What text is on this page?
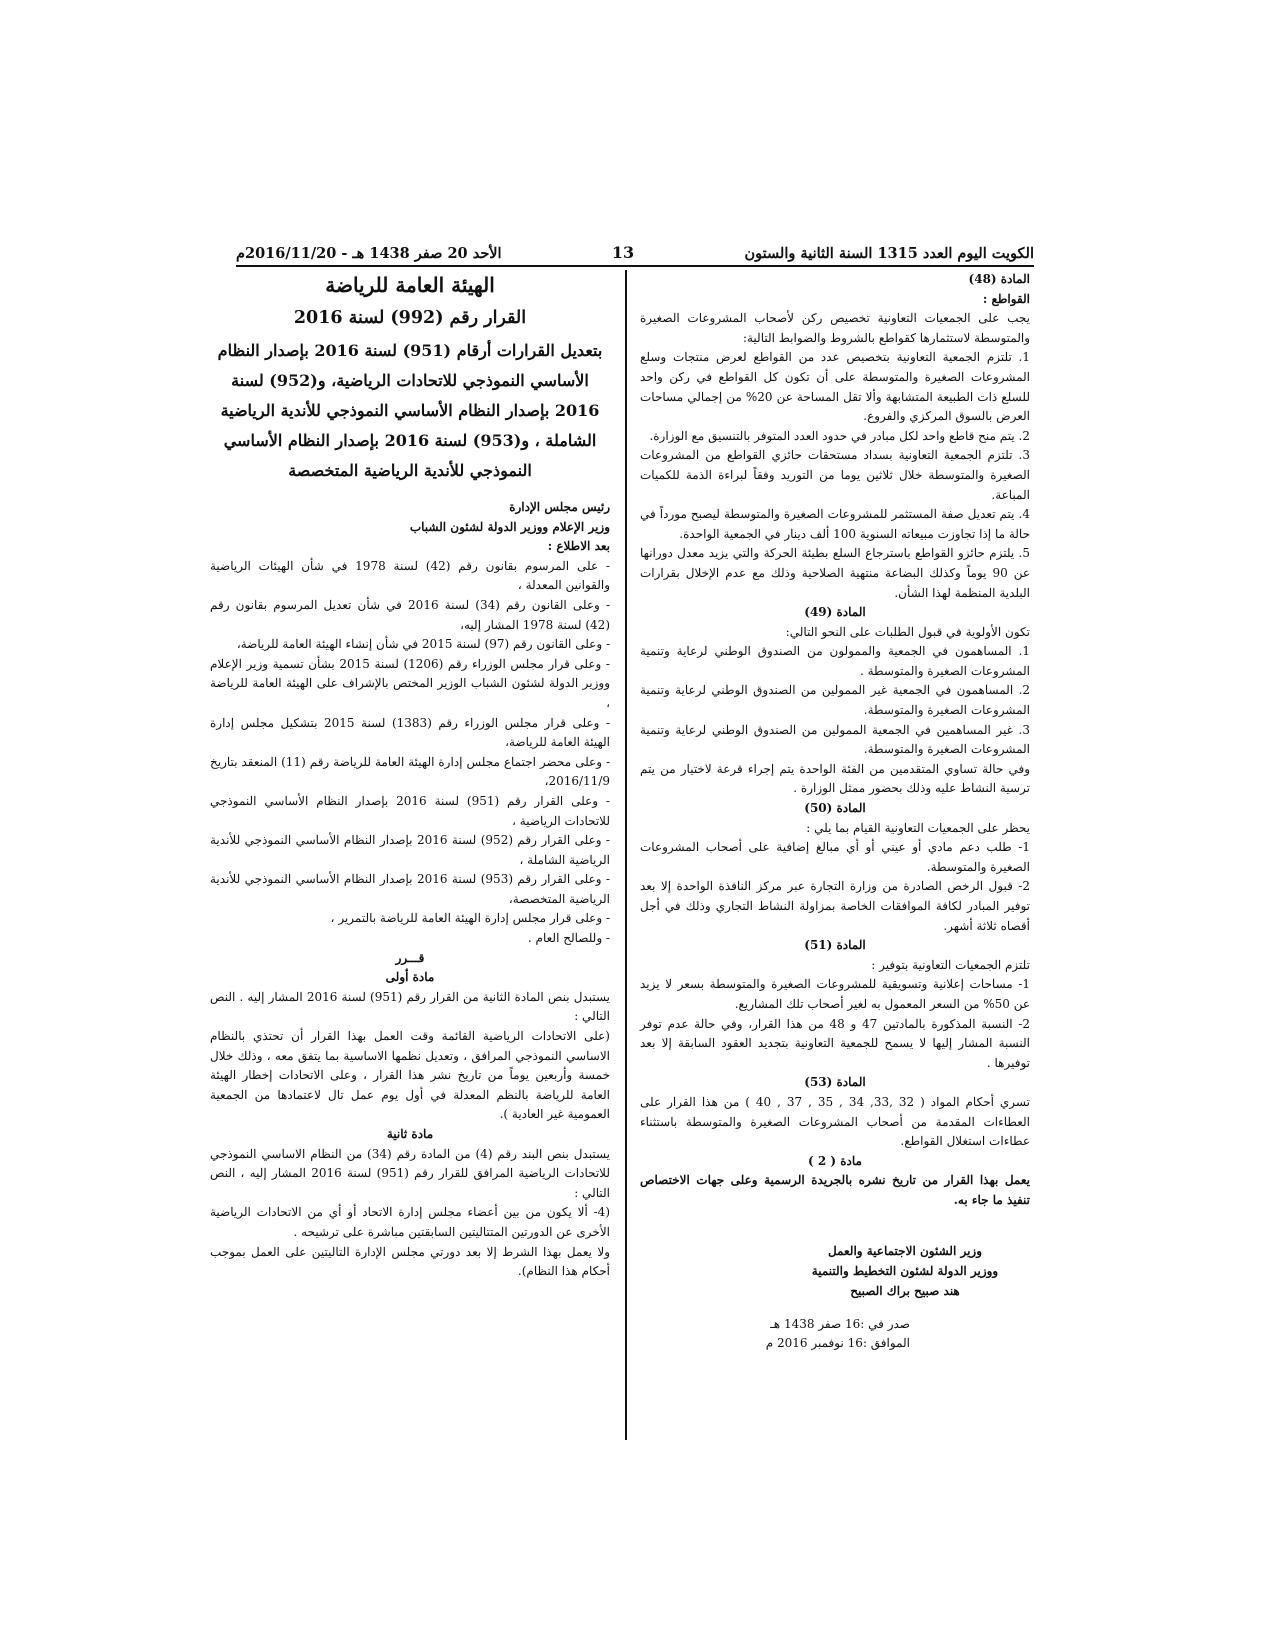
الكويت اليوم العدد 1315 السنة الثانية والستون
13
الأحد 20 صفر 1438 هـ - 2016/11/20م

المادة (48)

القواطع :

يجب على الجمعيات التعاونية تخصيص ركن لأصحاب المشروعات الصغيرة والمتوسطة لاستثمارها كقواطع بالشروط والضوابط التالية:

1. تلتزم الجمعية التعاونية بتخصيص عدد من القواطع لعرض منتجات وسلع المشروعات الصغيرة والمتوسطة على أن تكون كل القواطع في ركن واحد للسلع ذات الطبيعة المتشابهة وألا تقل المساحة عن 20% من إجمالي مساحات العرض بالسوق المركزي والفروع.

2. يتم منح قاطع واحد لكل مبادر في حدود العدد المتوفر بالتنسيق مع الوزارة.

3. تلتزم الجمعية التعاونية بسداد مستحقات حائزي القواطع من المشروعات الصغيرة والمتوسطة خلال ثلاثين يوما من التوريد وفقاً لبراءة الذمة للكميات المباعة.

4. يتم تعديل صفة المستثمر للمشروعات الصغيرة والمتوسطة ليصبح مورداً في حالة ما إذا تجاوزت مبيعاته السنوية 100 ألف دينار في الجمعية الواحدة.

5. يلتزم حائزو القواطع باسترجاع السلع بطيئة الحركة والتي يزيد معدل دورانها عن 90 يوماً وكذلك البضاعة منتهية الصلاحية وذلك مع عدم الإخلال بقرارات البلدية المنظمة لهذا الشأن.

المادة (49)

تكون الأولوية في قبول الطلبات على النحو التالي:

1. المساهمون في الجمعية والممولون من الصندوق الوطني لرعاية وتنمية المشروعات الصغيرة والمتوسطة .

2. المساهمون في الجمعية غير الممولين من الصندوق الوطني لرعاية وتنمية المشروعات الصغيرة والمتوسطة.

3. غير المساهمين في الجمعية الممولين من الصندوق الوطني لرعاية وتنمية المشروعات الصغيرة والمتوسطة.

وفي حالة تساوي المتقدمين من الفئة الواحدة يتم إجراء قرعة لاختيار من يتم ترسية النشاط عليه وذلك بحضور ممثل الوزارة .

المادة (50)

يحظر على الجمعيات التعاونية القيام بما يلي :

1- طلب دعم مادي أو عيني أو أي مبالغ إضافية على أصحاب المشروعات الصغيرة والمتوسطة.

2- قبول الرخص الصادرة من وزارة التجارة عبر مركز النافذة الواحدة إلا بعد توفير المبادر لكافة الموافقات الخاصة بمزاولة النشاط التجاري وذلك في أجل أقصاه ثلاثة أشهر.

المادة (51)

تلتزم الجمعيات التعاونية بتوفير :

1- مساحات إعلانية وتسويقية للمشروعات الصغيرة والمتوسطة بسعر لا يزيد عن 50% من السعر المعمول به لغير أصحاب تلك المشاريع.

2- النسبة المذكورة بالمادتين 47 و 48 من هذا القرار، وفي حالة عدم توفر النسبة المشار إليها لا يسمح للجمعية التعاونية بتجديد العقود السابقة إلا بعد توفيرها .

المادة (53)

تسري أحكام المواد ( 32 ,33, 34 , 35 , 37 , 40 ) من هذا القرار على العطاءات المقدمة من أصحاب المشروعات الصغيرة والمتوسطة باستثناء عطاءات استغلال القواطع.

مادة ( 2 )

يعمل بهذا القرار من تاريخ نشره بالجريدة الرسمية وعلى جهات الاختصاص تنفيذ ما جاء به.

وزير الشئون الاجتماعية والعمل
ووزير الدولة لشئون التخطيط والتنمية
هند صبيح براك الصبيح
صدر في :16 صفر 1438 هـ
الموافق :16 نوفمبر 2016 م

الهيئة العامة للرياضة

القرار رقم (992) لسنة 2016

بتعديل القرارات أرقام (951) لسنة 2016 بإصدار النظام الأساسي النموذجي للاتحادات الرياضية، و(952) لسنة 2016 بإصدار النظام الأساسي النموذجي للأندية الرياضية الشاملة ، و(953) لسنة 2016 بإصدار النظام الأساسي النموذجي للأندية الرياضية المتخصصة

رئيس مجلس الإدارة

وزير الإعلام ووزير الدولة لشئون الشباب

بعد الاطلاع :

- على المرسوم بقانون رقم (42) لسنة 1978 في شأن الهيئات الرياضية والقوانين المعدلة ،

- وعلى القانون رقم (34) لسنة 2016 في شأن تعديل المرسوم بقانون رقم (42) لسنة 1978 المشار إليه،

- وعلى القانون رقم (97) لسنة 2015 في شأن إنشاء الهيئة العامة للرياضة،

- وعلى قرار مجلس الوزراء رقم (1206) لسنة 2015 بشأن تسمية وزير الإعلام ووزير الدولة لشئون الشباب الوزير المختص بالإشراف على الهيئة العامة للرياضة ،

- وعلى قرار مجلس الوزراء رقم (1383) لسنة 2015 بتشكيل مجلس إدارة الهيئة العامة للرياضة،

- وعلى محضر اجتماع مجلس إدارة الهيئة العامة للرياضة رقم (11) المنعقد بتاريخ 2016/11/9،

- وعلى القرار رقم (951) لسنة 2016 بإصدار النظام الأساسي النموذجي للاتحادات الرياضية ،

- وعلى القرار رقم (952) لسنة 2016 بإصدار النظام الأساسي النموذجي للأندية الرياضية الشاملة ،

- وعلى القرار رقم (953) لسنة 2016 بإصدار النظام الأساسي النموذجي للأندية الرياضية المتخصصة،

- وعلى قرار مجلس إدارة الهيئة العامة للرياضة بالتمرير ،

- وللصالح العام .

قـــرر

مادة أولى

يستبدل بنص المادة الثانية من القرار رقم (951) لسنة 2016 المشار إليه . النص التالي :

(على الاتحادات الرياضية القائمة وقت العمل بهذا القرار أن تحتذي بالنظام الاساسي النموذجي المرافق ، وتعديل نظمها الاساسية بما يتفق معه ، وذلك خلال خمسة وأربعين يوماً من تاريخ نشر هذا القرار ، وعلى الاتحادات إخطار الهيئة العامة للرياضة بالنظم المعدلة في أول يوم عمل تال لاعتمادها من الجمعية العمومية غير العادية ).

مادة ثانية

يستبدل بنص البند رقم (4) من المادة رقم (34) من النظام الاساسي النموذجي للاتحادات الرياضية المرافق للقرار رقم (951) لسنة 2016 المشار إليه ، النص التالي :

(4- ألا يكون من بين أعضاء مجلس إدارة الاتحاد أو أي من الاتحادات الرياضية الأخرى عن الدورتين المتتاليتين السابقتين مباشرة على ترشيحه .

ولا يعمل بهذا الشرط إلا بعد دورتي مجلس الإدارة التاليتين على العمل بموجب أحكام هذا النظام).
